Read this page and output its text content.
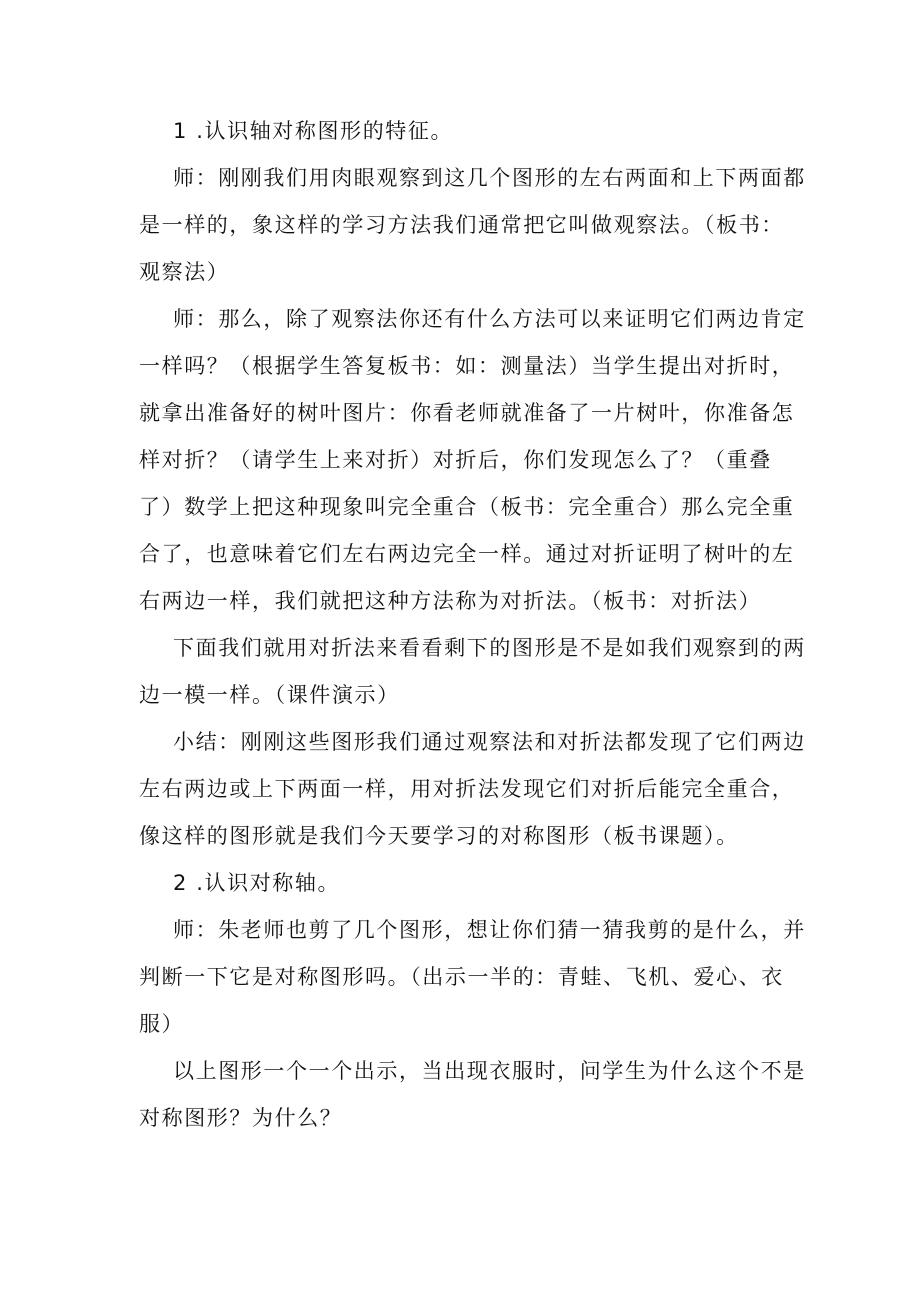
1 .认识轴对称图形的特征。

师：刚刚我们用肉眼观察到这几个图形的左右两面和上下两面都
是一样的，象这样的学习方法我们通常把它叫做观察法。（板书：
观察法）

师：那么，除了观察法你还有什么方法可以来证明它们两边肯定
一样吗？（根据学生答复板书：如：测量法）当学生提出对折时，
就拿出准备好的树叶图片：你看老师就准备了一片树叶，你准备怎
样对折？（请学生上来对折）对折后，你们发现怎么了？（重叠
了）数学上把这种现象叫完全重合（板书：完全重合）那么完全重
合了，也意味着它们左右两边完全一样。通过对折证明了树叶的左
右两边一样，我们就把这种方法称为对折法。（板书：对折法）

下面我们就用对折法来看看剩下的图形是不是如我们观察到的两
边一模一样。（课件演示）

小结：刚刚这些图形我们通过观察法和对折法都发现了它们两边
左右两边或上下两面一样，用对折法发现它们对折后能完全重合，
像这样的图形就是我们今天要学习的对称图形（板书课题）。

2 .认识对称轴。

师：朱老师也剪了几个图形，想让你们猜一猜我剪的是什么，并
判断一下它是对称图形吗。（出示一半的：青蛙、飞机、爱心、衣
服）

以上图形一个一个出示，当出现衣服时，问学生为什么这个不是
对称图形？为什么？
